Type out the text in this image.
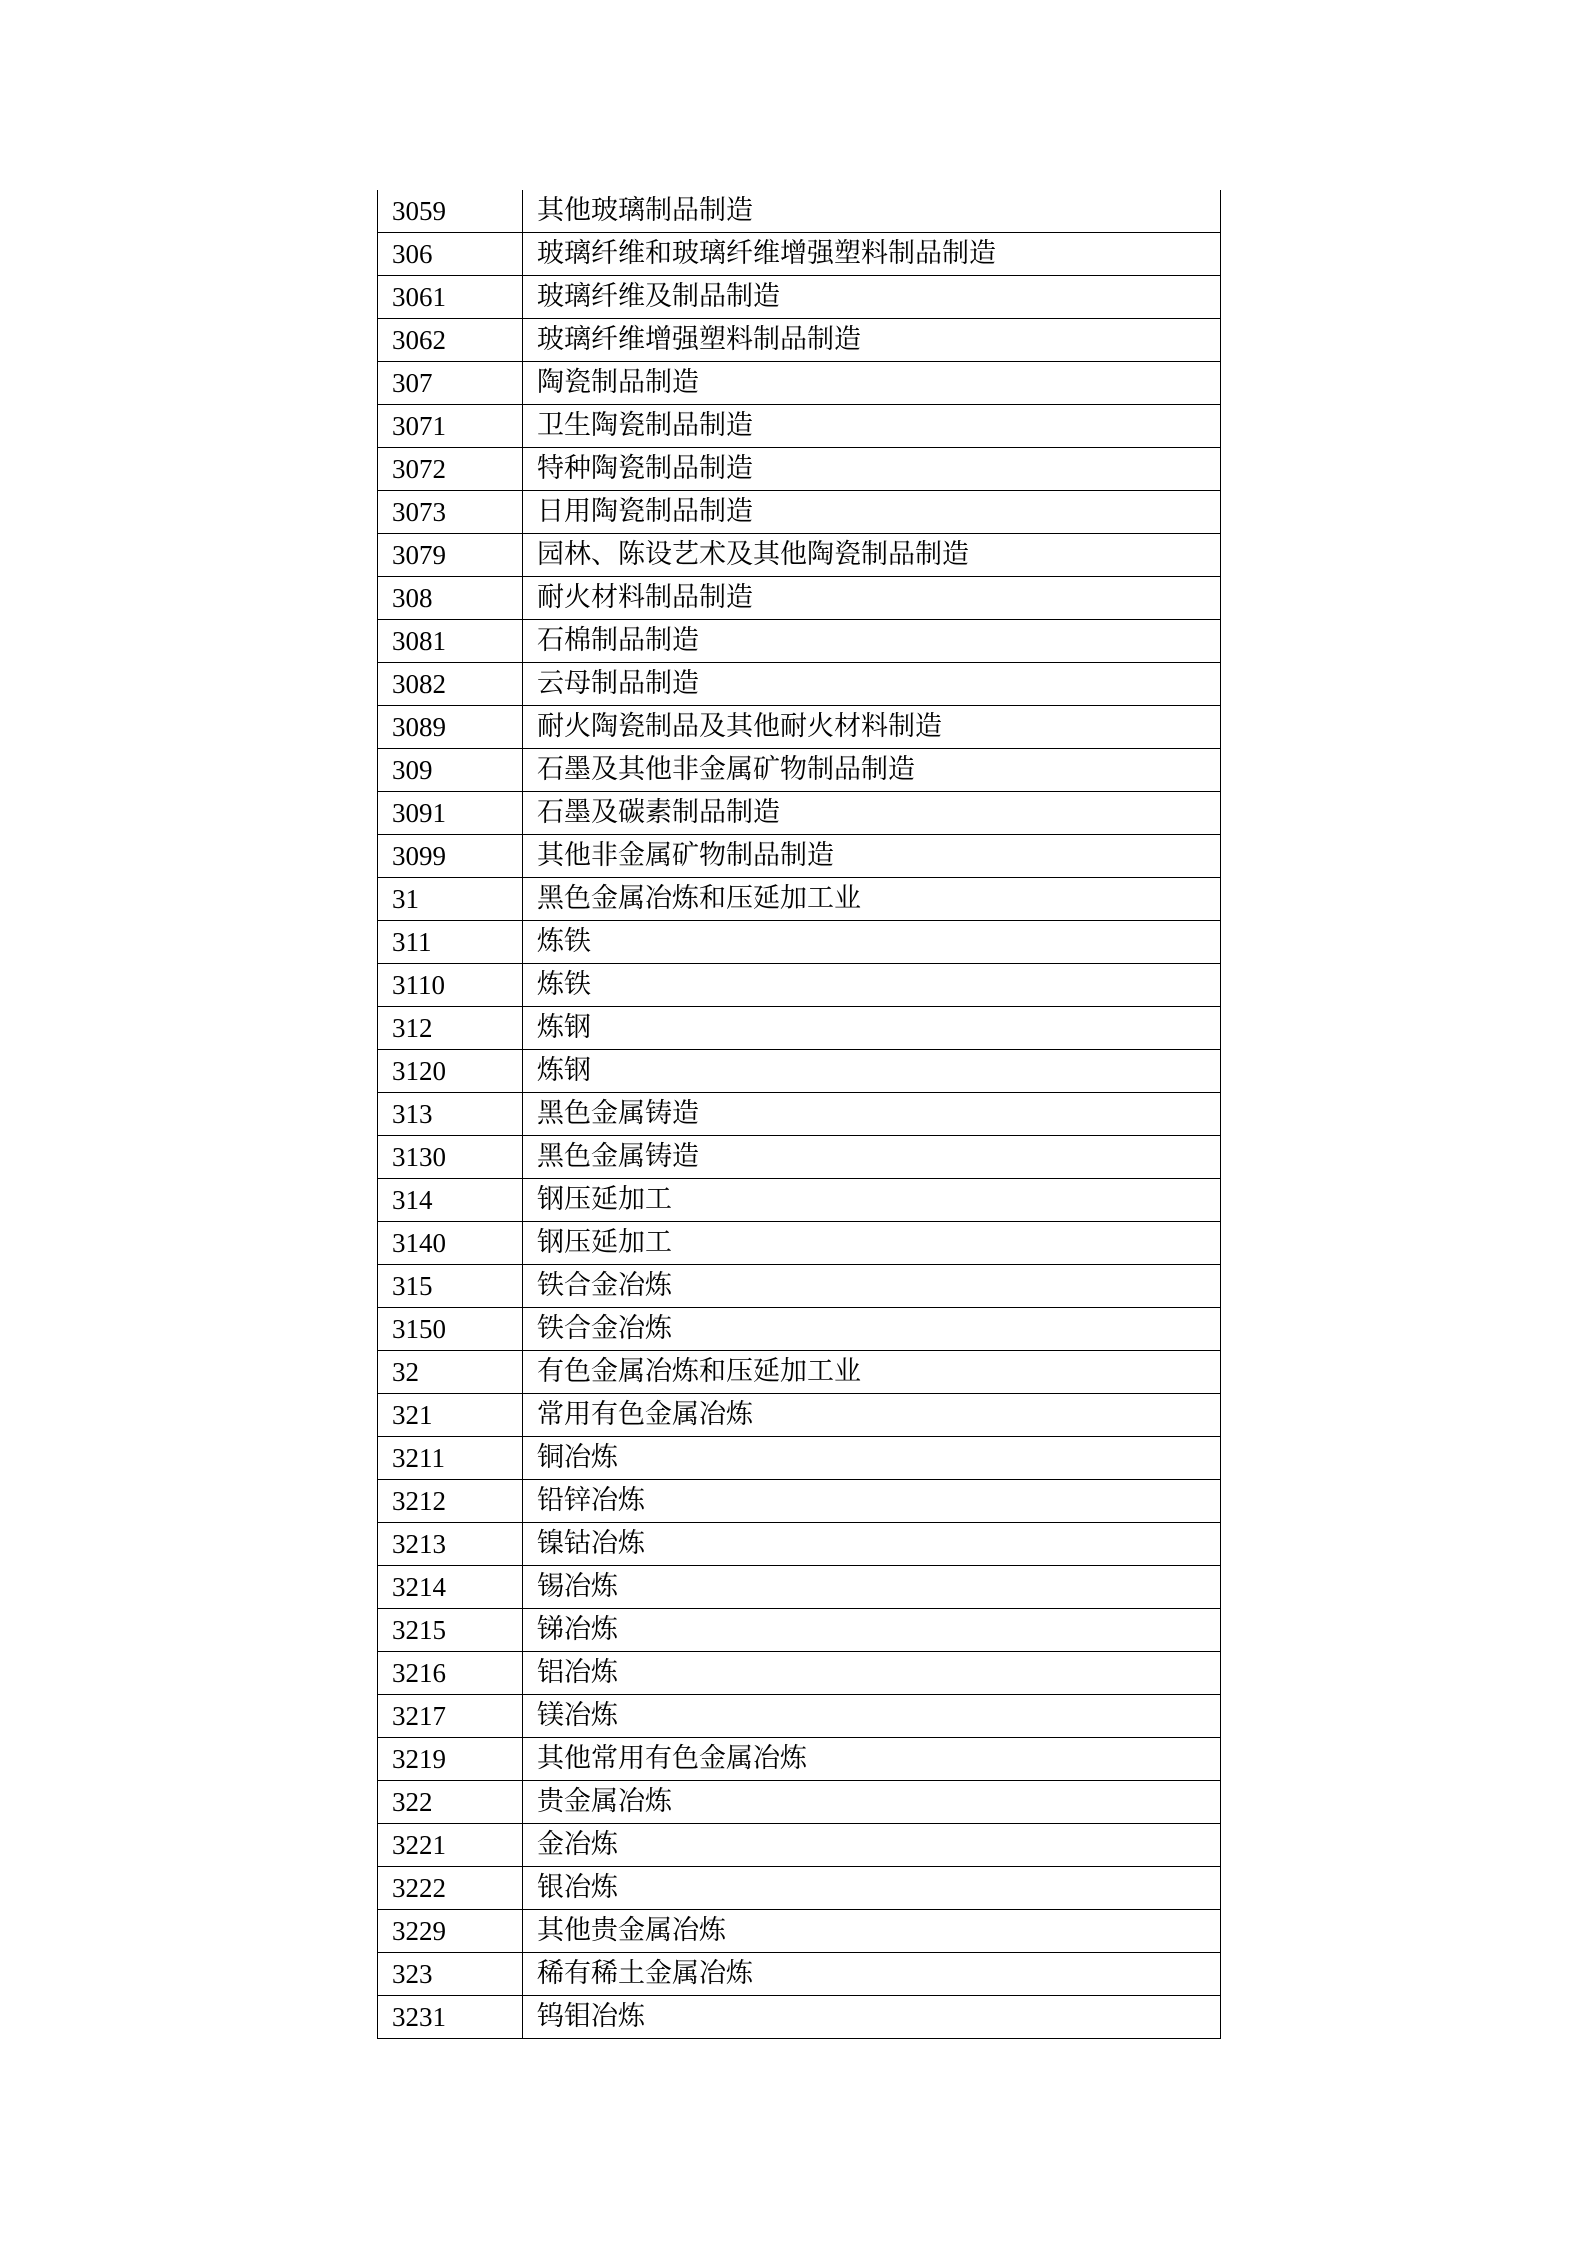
3059	其他玻璃制品制造
306	玻璃纤维和玻璃纤维增强塑料制品制造
3061	玻璃纤维及制品制造
3062	玻璃纤维增强塑料制品制造
307	陶瓷制品制造
3071	卫生陶瓷制品制造
3072	特种陶瓷制品制造
3073	日用陶瓷制品制造
3079	园林、陈设艺术及其他陶瓷制品制造
308	耐火材料制品制造
3081	石棉制品制造
3082	云母制品制造
3089	耐火陶瓷制品及其他耐火材料制造
309	石墨及其他非金属矿物制品制造
3091	石墨及碳素制品制造
3099	其他非金属矿物制品制造
31	黑色金属冶炼和压延加工业
311	炼铁
3110	炼铁
312	炼钢
3120	炼钢
313	黑色金属铸造
3130	黑色金属铸造
314	钢压延加工
3140	钢压延加工
315	铁合金冶炼
3150	铁合金冶炼
32	有色金属冶炼和压延加工业
321	常用有色金属冶炼
3211	铜冶炼
3212	铅锌冶炼
3213	镍钴冶炼
3214	锡冶炼
3215	锑冶炼
3216	铝冶炼
3217	镁冶炼
3219	其他常用有色金属冶炼
322	贵金属冶炼
3221	金冶炼
3222	银冶炼
3229	其他贵金属冶炼
323	稀有稀土金属冶炼
3231	钨钼冶炼
